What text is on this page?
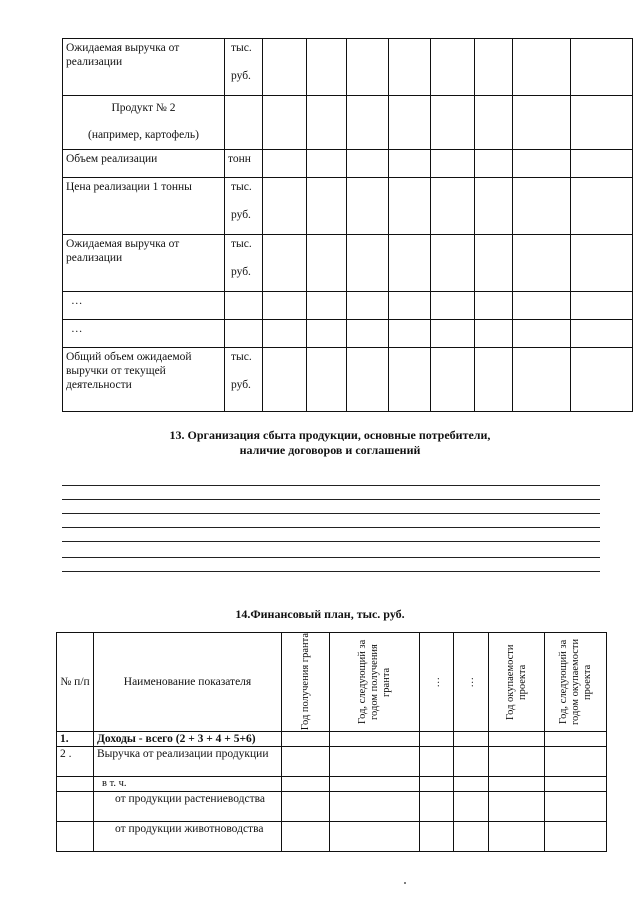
Ожидаемая выручка от реализации	тыс.
руб.								

Продукт № 2
(например, картофель)									

Объем реализации	тонн								
Цена реализации 1 тонны	тыс.
руб.								

Ожидаемая выручка от реализации	тыс.
руб.								

…									
…									
Общий объем ожидаемой выручки от текущей деятельности	тыс.
руб.								

13. Организация сбыта продукции, основные потребители,
наличие договоров и соглашений
14.Финансовый план, тыс. руб.
№ п/п	Наименование показателя	Год получения гранта	Год, следующий за годом получения гранта	…	…	Год окупаемости проекта	Год, следующий за годом окупаемости проекта

1.	Доходы - всего (2 + 3 + 4 + 5+6)						
2 .	Выручка от реализации продукции						
	в т. ч.						
	от продукции растениеводства						
	от продукции животноводства						
